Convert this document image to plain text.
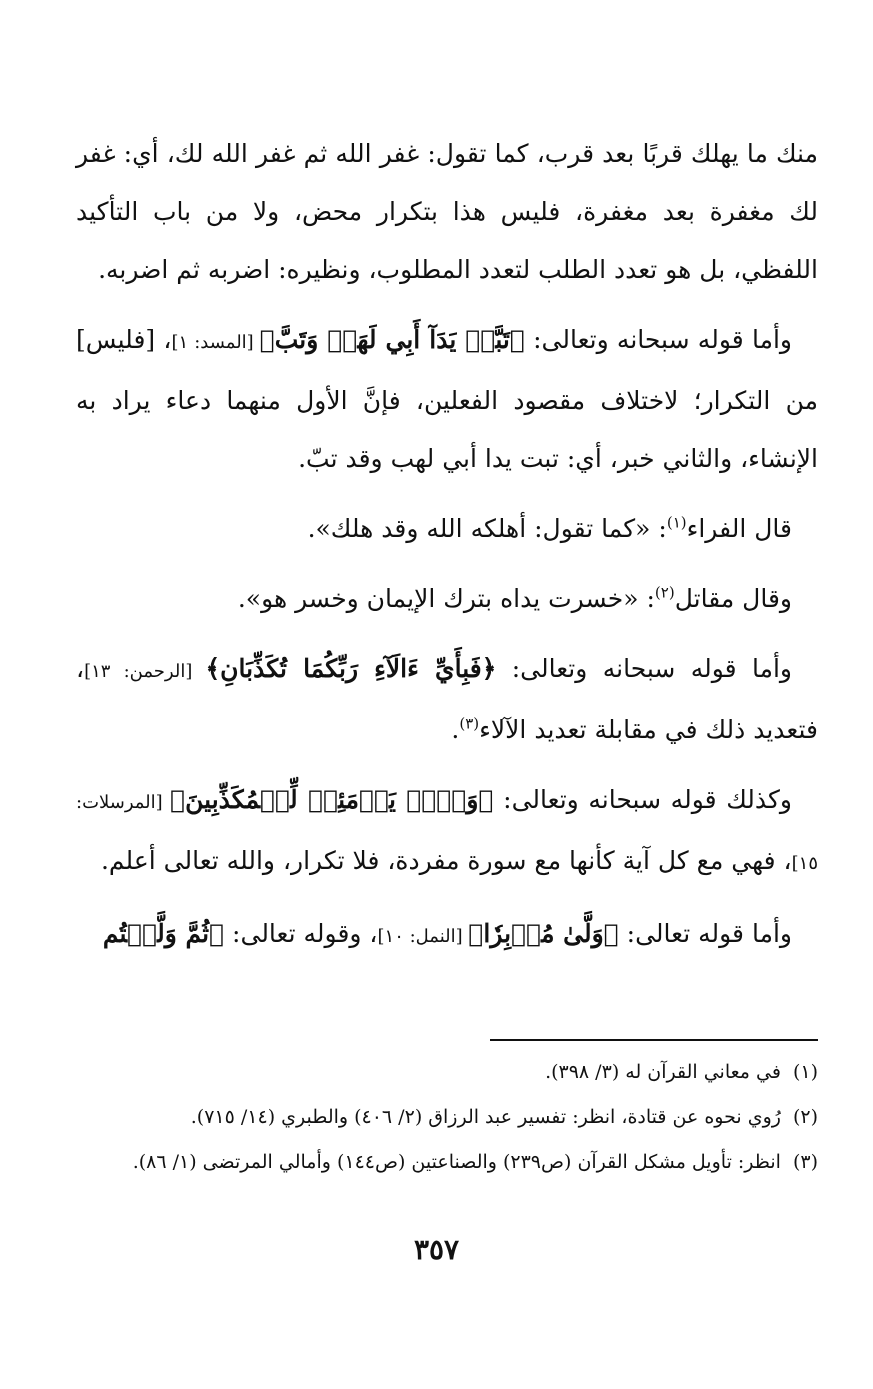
منك ما يهلك قربًا بعد قرب، كما تقول: غفر الله ثم غفر الله لك، أي: غفر لك مغفرة بعد مغفرة، فليس هذا بتكرار محض، ولا من باب التأكيد اللفظي، بل هو تعدد الطلب لتعدد المطلوب، ونظيره: اضربه ثم اضربه.

وأما قوله سبحانه وتعالى: ﴿تَبَّتۡ يَدَآ أَبِي لَهَبٖ وَتَبَّ﴾ [المسد: ١]، [فليس] من التكرار؛ لاختلاف مقصود الفعلين، فإنَّ الأول منهما دعاء يراد به الإنشاء، والثاني خبر، أي: تبت يدا أبي لهب وقد تبّ.

قال الفراء$^{(١)}$: «كما تقول: أهلكه الله وقد هلك».

وقال مقاتل$^{(٢)}$: «خسرت يداه بترك الإيمان وخسر هو».

وأما قوله سبحانه وتعالى: ﴿فَبِأَيِّ ءَالَآءِ رَبِّكُمَا تُكَذِّبَانِ﴾ [الرحمن: ١٣]، فتعديد ذلك في مقابلة تعديد الآلاء$^{(٣)}$.

وكذلك قوله سبحانه وتعالى: ﴿وَيۡلٞ يَوۡمَئِذٖ لِّلۡمُكَذِّبِينَ﴾ [المرسلات: ١٥]، فهي مع كل آية كأنها مع سورة مفردة، فلا تكرار، والله تعالى أعلم.

وأما قوله تعالى: ﴿وَلَّىٰ مُدۡبِرٗا﴾ [النمل: ١٠]، وقوله تعالى: ﴿ثُمَّ وَلَّيۡتُم

(١)في معاني القرآن له (٣/ ٣٩٨).

(٢)رُوي نحوه عن قتادة، انظر: تفسير عبد الرزاق (٢/ ٤٠٦) والطبري (١٤/ ٧١٥).

(٣)انظر: تأويل مشكل القرآن (ص٢٣٩) والصناعتين (ص١٤٤) وأمالي المرتضى (١/ ٨٦).

٣٥٧
